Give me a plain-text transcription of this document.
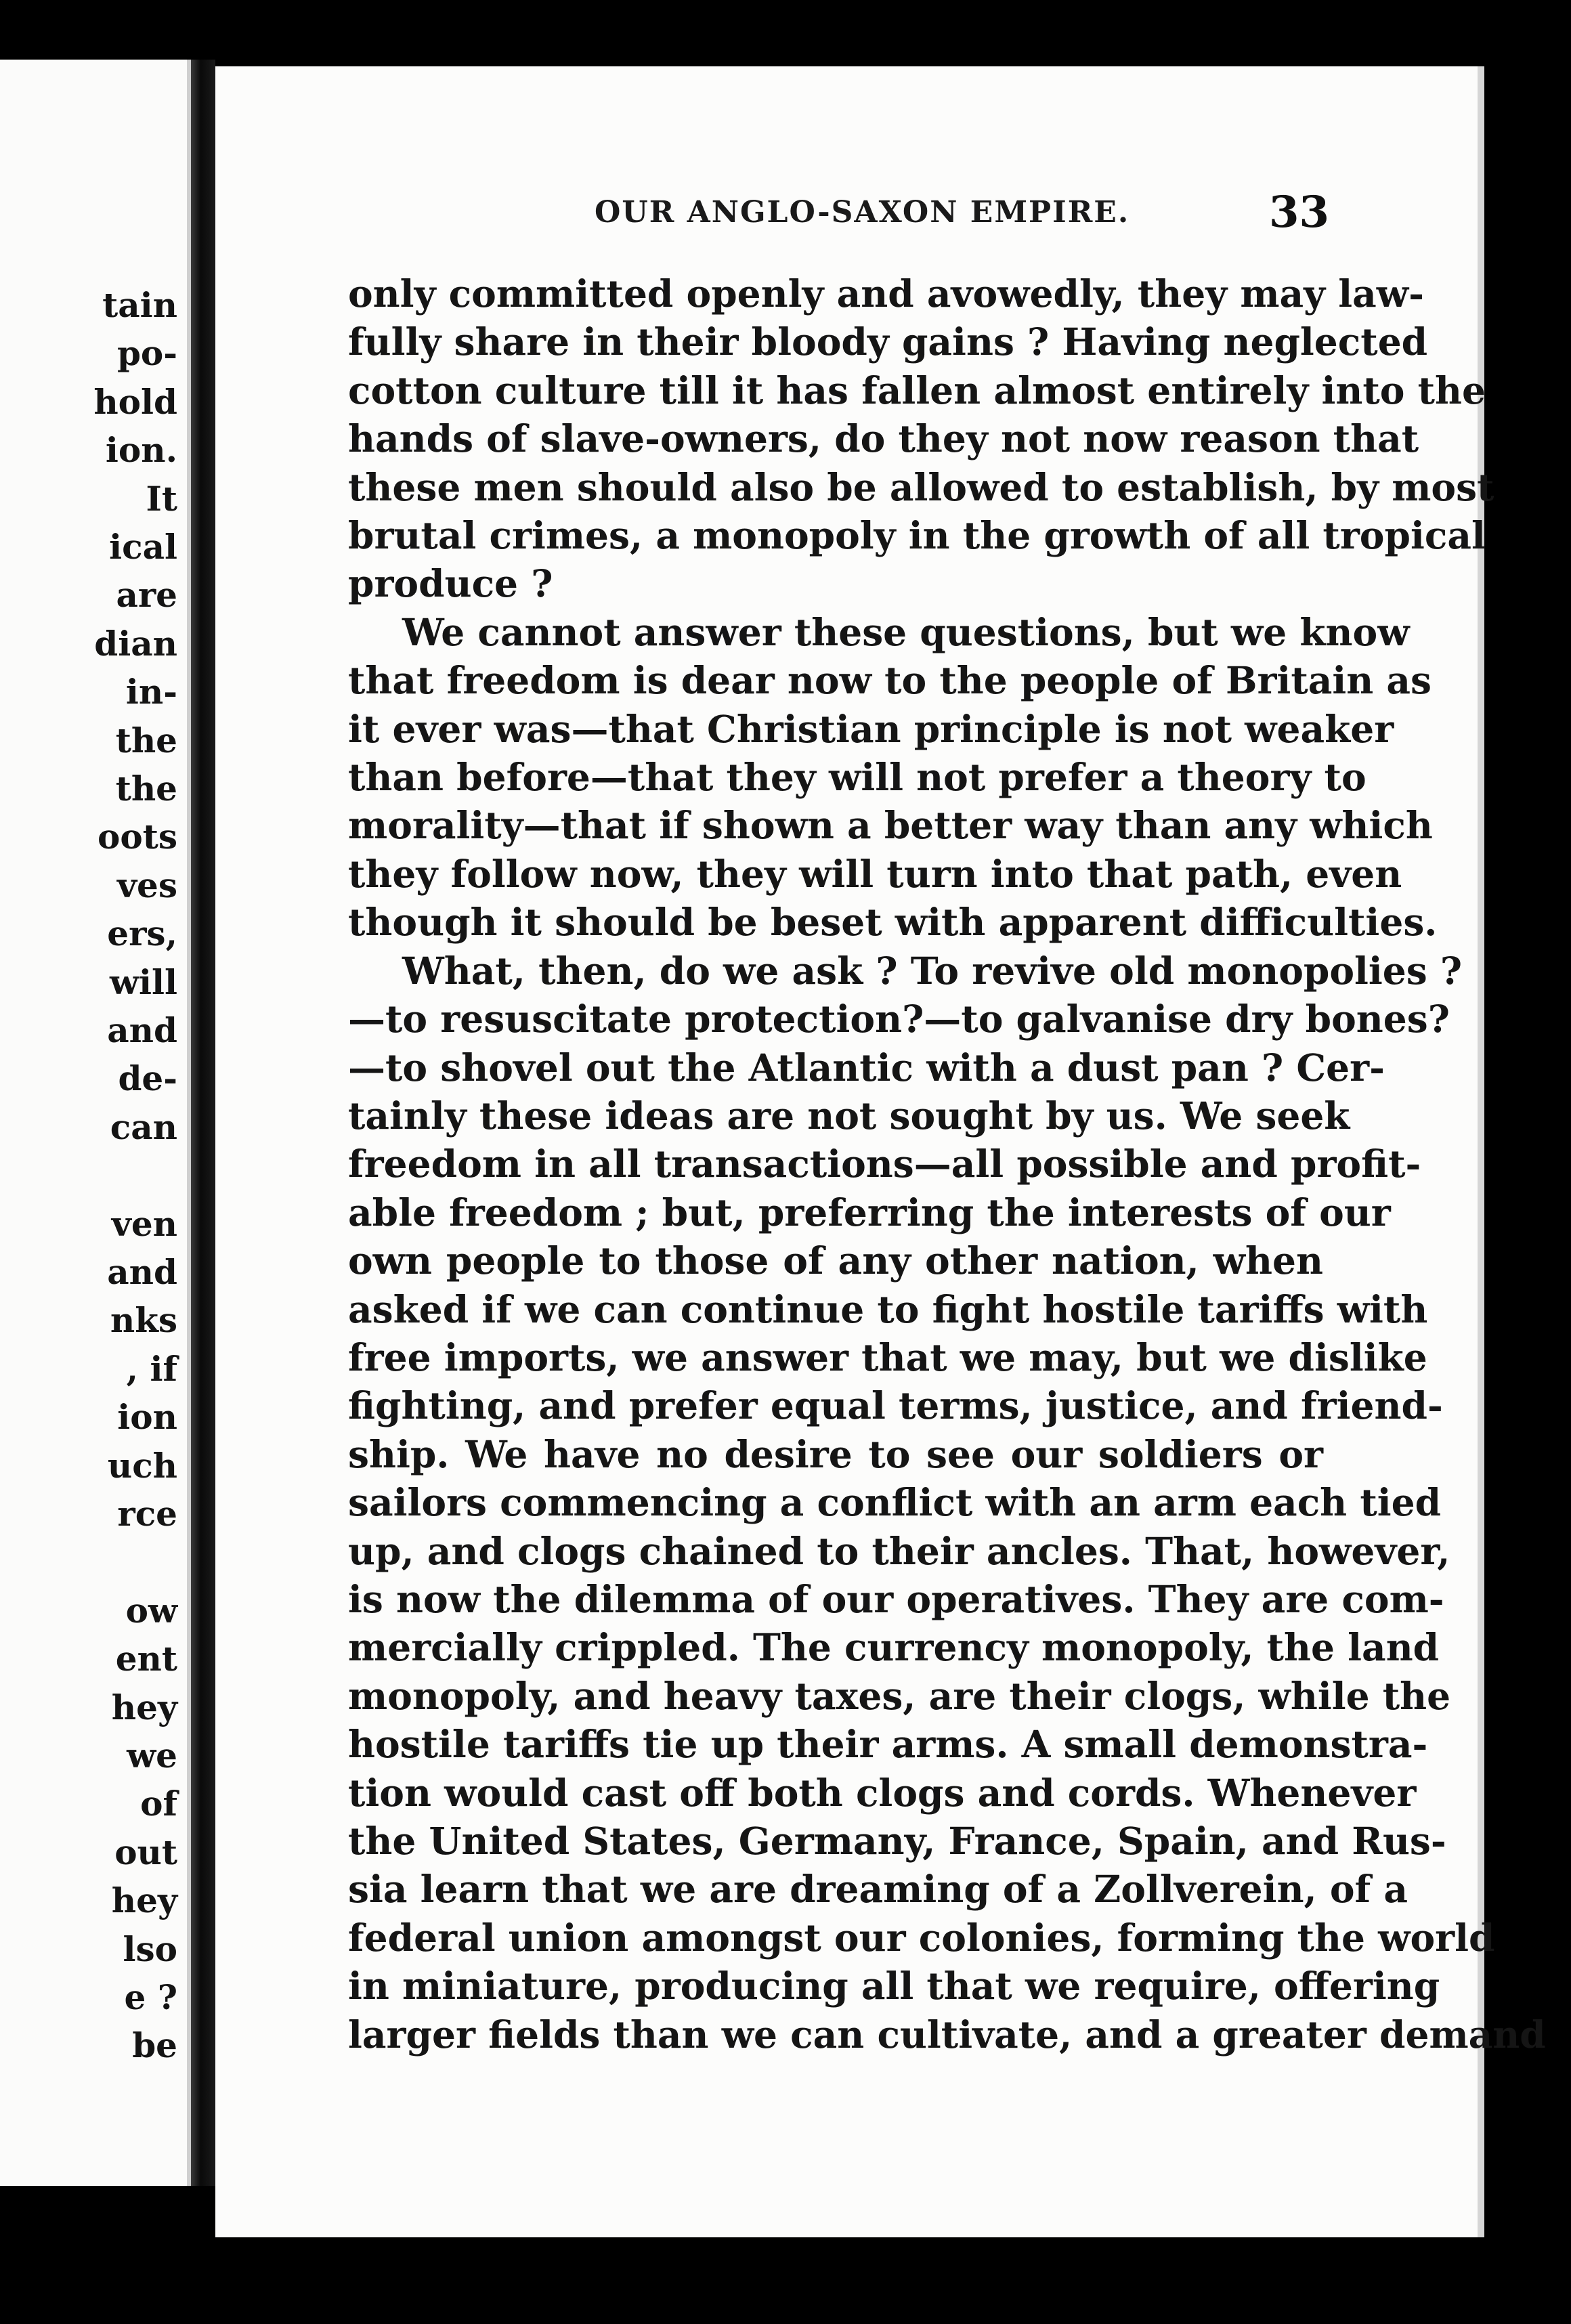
tain
po-
hold
ion.
It
ical
are
dian
in-
the
the
oots
ves
ers,
will
and
de-
can
ven
and
nks
, if
ion
uch
rce
ow
ent
hey
we
of
out
hey
lso
e ?
be
OUR ANGLO-SAXON EMPIRE.	33
only committed openly and avowedly, they may law-
fully share in their bloody gains ? Having neglected
cotton culture till it has fallen almost entirely into the
hands of slave-owners, do they not now reason that
these men should also be allowed to establish, by most
brutal crimes, a monopoly in the growth of all tropical
produce ?
We cannot answer these questions, but we know
that freedom is dear now to the people of Britain as
it ever was—that Christian principle is not weaker
than before—that they will not prefer a theory to
morality—that if shown a better way than any which
they follow now, they will turn into that path, even
though it should be beset with apparent difficulties.
What, then, do we ask ? To revive old monopolies ?
—to resuscitate protection?—to galvanise dry bones?
—to shovel out the Atlantic with a dust pan ? Cer-
tainly these ideas are not sought by us. We seek
freedom in all transactions—all possible and profit-
able freedom ; but, preferring the interests of our
own people to those of any other nation, when
asked if we can continue to fight hostile tariffs with
free imports, we answer that we may, but we dislike
fighting, and prefer equal terms, justice, and friend-
ship. We have no desire to see our soldiers or
sailors commencing a conflict with an arm each tied
up, and clogs chained to their ancles. That, however,
is now the dilemma of our operatives. They are com-
mercially crippled. The currency monopoly, the land
monopoly, and heavy taxes, are their clogs, while the
hostile tariffs tie up their arms. A small demonstra-
tion would cast off both clogs and cords. Whenever
the United States, Germany, France, Spain, and Rus-
sia learn that we are dreaming of a Zollverein, of a
federal union amongst our colonies, forming the world
in miniature, producing all that we require, offering
larger fields than we can cultivate, and a greater demand
